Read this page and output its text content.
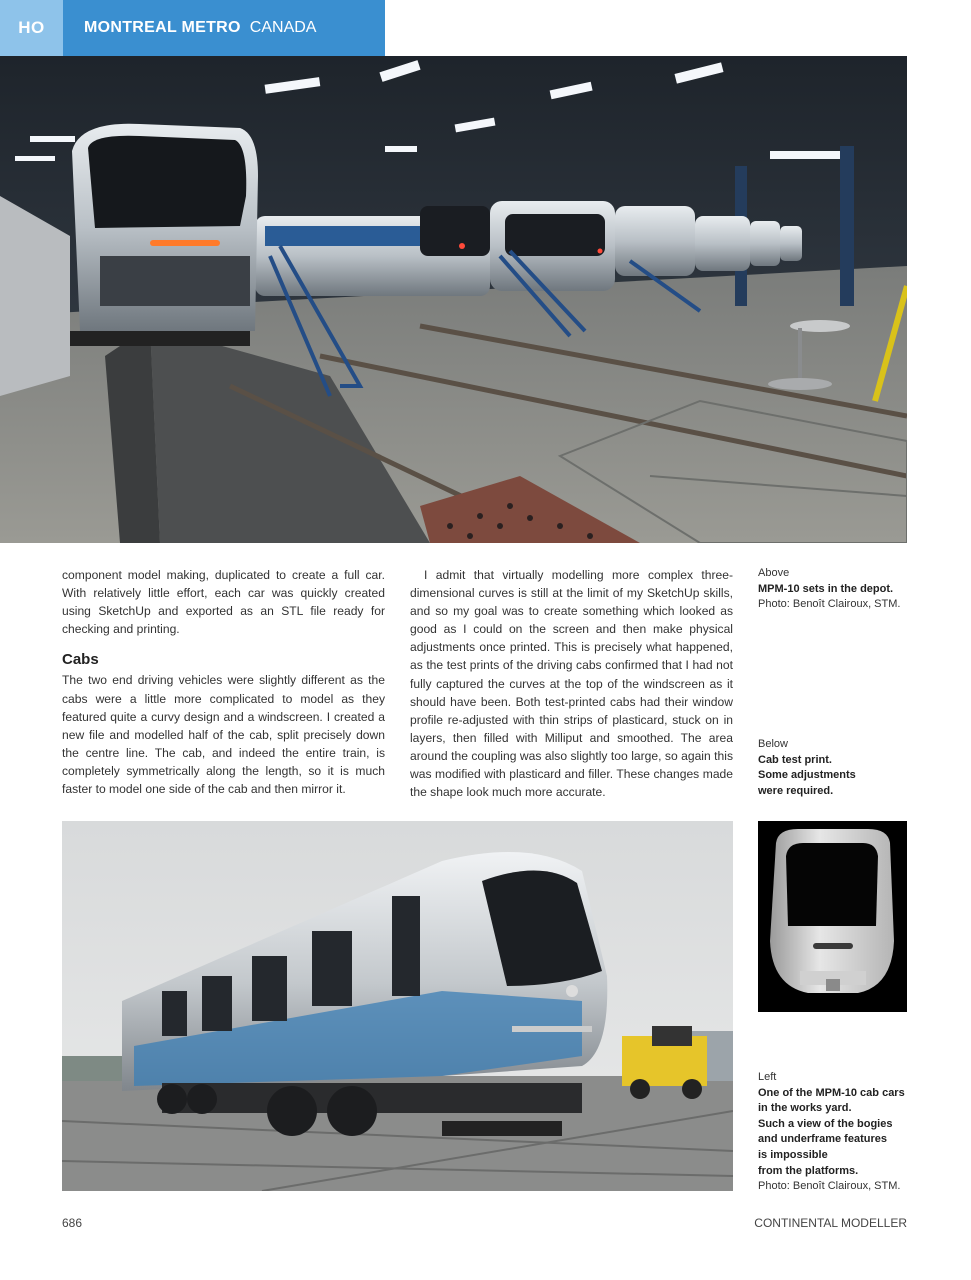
HO	MONTREAL METRO CANADA

component model making, duplicated to create a full car. With relatively little effort, each car was quickly created using SketchUp and exported as an STL file ready for checking and printing.

Cabs

The two end driving vehicles were slightly different as the cabs were a little more complicated to model as they featured quite a curvy design and a windscreen. I created a new file and modelled half of the cab, split precisely down the centre line. The cab, and indeed the entire train, is completely symmetrically along the length, so it is much faster to model one side of the cab and then mirror it.

I admit that virtually modelling more complex three-dimensional curves is still at the limit of my SketchUp skills, and so my goal was to create something which looked as good as I could on the screen and then make physical adjustments once printed. This is precisely what happened, as the test prints of the driving cabs confirmed that I had not fully captured the curves at the top of the windscreen as it should have been. Both test-printed cabs had their window profile re-adjusted with thin strips of plasticard, stuck on in layers, then filled with Milliput and smoothed. The area around the coupling was also slightly too large, so again this was modified with plasticard and filler. These changes made the shape look much more accurate.

Above
MPM-10 sets in the depot.
Photo: Benoît Clairoux, STM.
Below
Cab test print.
Some adjustments
were required.
Left
One of the MPM-10 cab cars
in the works yard.
Such a view of the bogies
and underframe features
is impossible
from the platforms.
Photo: Benoît Clairoux, STM.
686	CONTINENTAL MODELLER
